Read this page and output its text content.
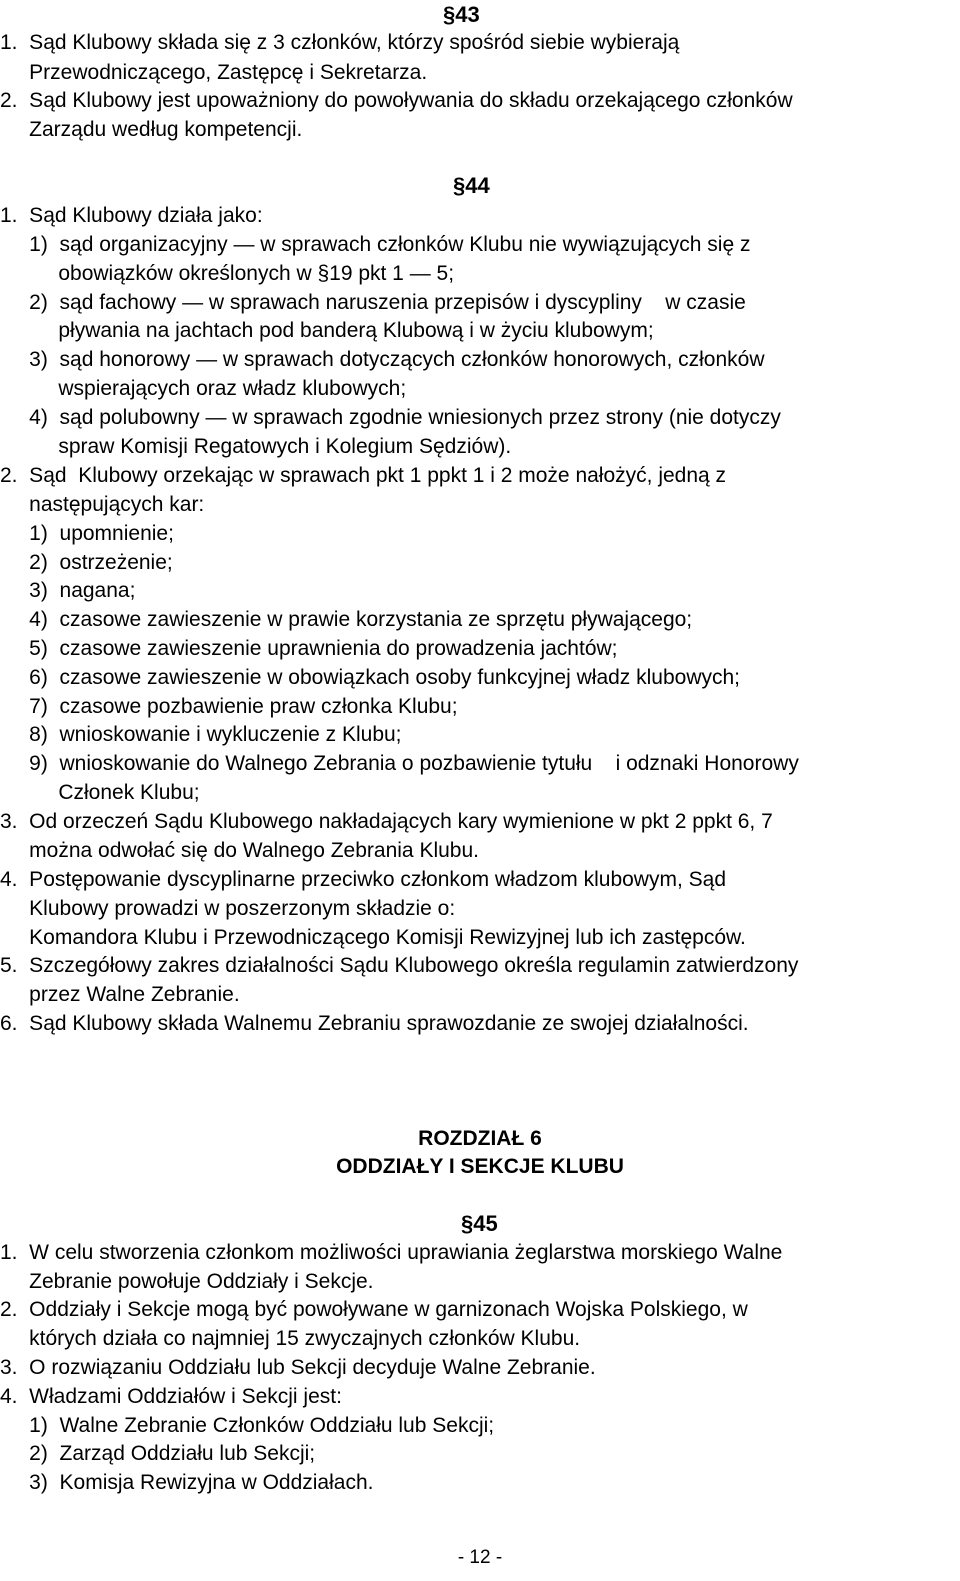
§43
1.  Sąd Klubowy składa się z 3 członków, którzy spośród siebie wybierają
Przewodniczącego, Zastępcę i Sekretarza.
2.  Sąd Klubowy jest upoważniony do powoływania do składu orzekającego członków
Zarządu według kompetencji.
§44
1.  Sąd Klubowy działa jako:
1)  sąd organizacyjny — w sprawach członków Klubu nie wywiązujących się z
obowiązków określonych w §19 pkt 1 — 5;
2)  sąd fachowy — w sprawach naruszenia przepisów i dyscypliny    w czasie
pływania na jachtach pod banderą Klubową i w życiu klubowym;
3)  sąd honorowy — w sprawach dotyczących członków honorowych, członków
wspierających oraz władz klubowych;
4)  sąd polubowny — w sprawach zgodnie wniesionych przez strony (nie dotyczy
spraw Komisji Regatowych i Kolegium Sędziów).
2.  Sąd  Klubowy orzekając w sprawach pkt 1 ppkt 1 i 2 może nałożyć, jedną z
następujących kar:
1)  upomnienie;
2)  ostrzeżenie;
3)  nagana;
4)  czasowe zawieszenie w prawie korzystania ze sprzętu pływającego;
5)  czasowe zawieszenie uprawnienia do prowadzenia jachtów;
6)  czasowe zawieszenie w obowiązkach osoby funkcyjnej władz klubowych;
7)  czasowe pozbawienie praw członka Klubu;
8)  wnioskowanie i wykluczenie z Klubu;
9)  wnioskowanie do Walnego Zebrania o pozbawienie tytułu    i odznaki Honorowy
Członek Klubu;
3.  Od orzeczeń Sądu Klubowego nakładających kary wymienione w pkt 2 ppkt 6, 7
można odwołać się do Walnego Zebrania Klubu.
4.  Postępowanie dyscyplinarne przeciwko członkom władzom klubowym, Sąd
Klubowy prowadzi w poszerzonym składzie o:
Komandora Klubu i Przewodniczącego Komisji Rewizyjnej lub ich zastępców.
5.  Szczegółowy zakres działalności Sądu Klubowego określa regulamin zatwierdzony
przez Walne Zebranie.
6.  Sąd Klubowy składa Walnemu Zebraniu sprawozdanie ze swojej działalności.
ROZDZIAŁ 6
ODDZIAŁY I SEKCJE KLUBU
§45
1.  W celu stworzenia członkom możliwości uprawiania żeglarstwa morskiego Walne
Zebranie powołuje Oddziały i Sekcje.
2.  Oddziały i Sekcje mogą być powoływane w garnizonach Wojska Polskiego, w
których działa co najmniej 15 zwyczajnych członków Klubu.
3.  O rozwiązaniu Oddziału lub Sekcji decyduje Walne Zebranie.
4.  Władzami Oddziałów i Sekcji jest:
1)  Walne Zebranie Członków Oddziału lub Sekcji;
2)  Zarząd Oddziału lub Sekcji;
3)  Komisja Rewizyjna w Oddziałach.
- 12 -
